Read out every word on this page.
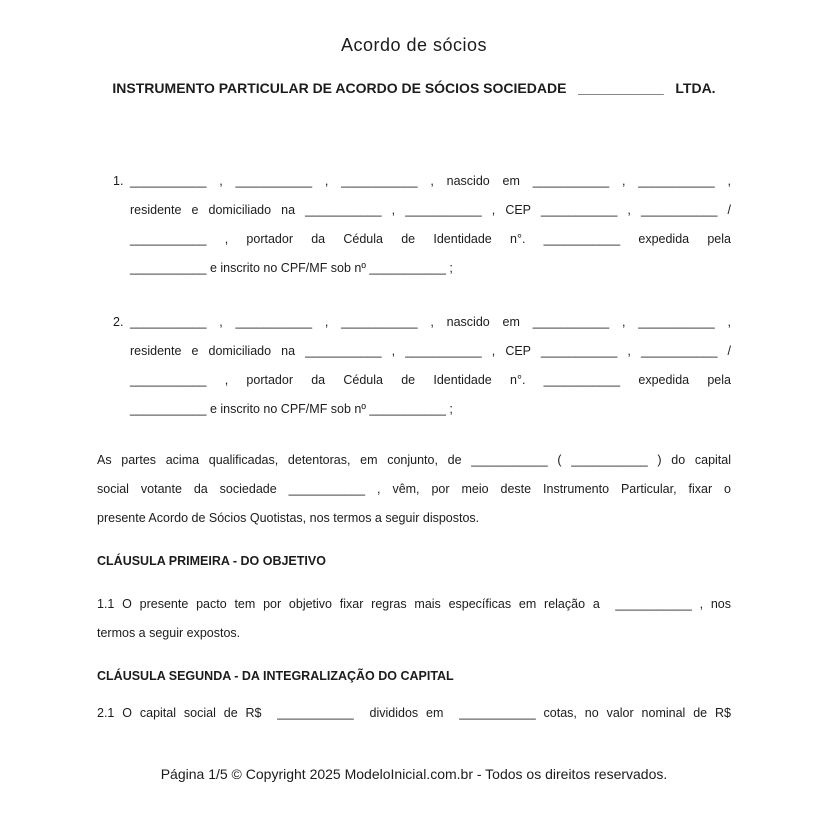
Acordo de sócios
INSTRUMENTO PARTICULAR DE ACORDO DE SÓCIOS SOCIEDADE   ___________   LTDA.
1. ___________ , ___________ , ___________ , nascido em ___________ , ___________ ,
residente e domiciliado na ___________ , ___________ , CEP ___________ , ___________ /
___________ , portador da Cédula de Identidade n°. ___________ expedida pela
___________ e inscrito no CPF/MF sob nº ___________ ;
2. ___________ , ___________ , ___________ , nascido em ___________ , ___________ ,
residente e domiciliado na ___________ , ___________ , CEP ___________ , ___________ /
___________ , portador da Cédula de Identidade n°. ___________ expedida pela
___________ e inscrito no CPF/MF sob nº ___________ ;
As partes acima qualificadas, detentoras, em conjunto, de ___________ ( ___________ ) do capital
social votante da sociedade ___________ , vêm, por meio deste Instrumento Particular, fixar o
presente Acordo de Sócios Quotistas, nos termos a seguir dispostos.
CLÁUSULA PRIMEIRA - DO OBJETIVO
1.1 O presente pacto tem por objetivo fixar regras mais específicas em relação a  ___________ , nos
termos a seguir expostos.
CLÁUSULA SEGUNDA - DA INTEGRALIZAÇÃO DO CAPITAL
2.1 O capital social de R$  ___________  divididos em  ___________ cotas, no valor nominal de R$
Página 1/5 © Copyright 2025 ModeloInicial.com.br - Todos os direitos reservados.
